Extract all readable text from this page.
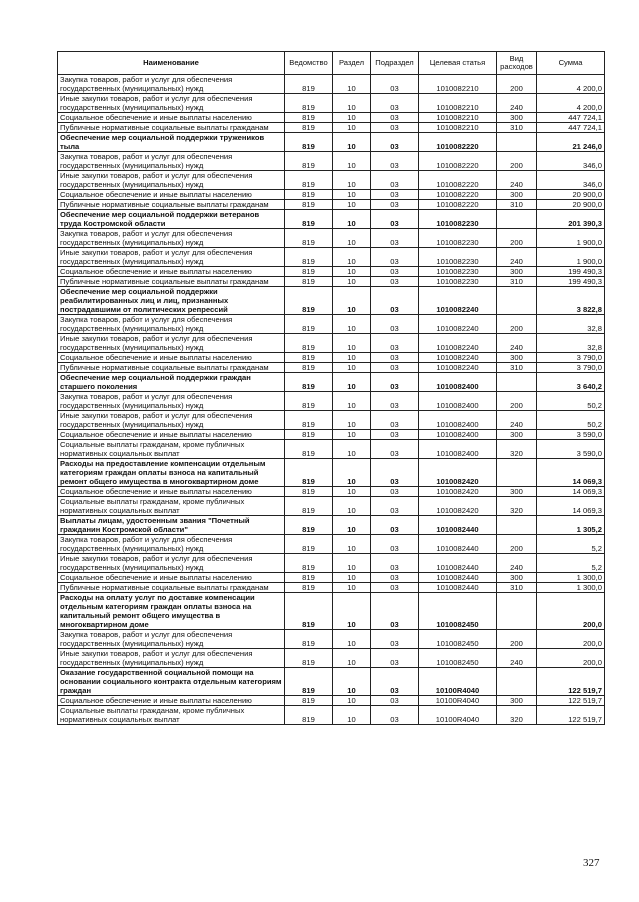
Наименование	Ведомство	Раздел	Подраздел	Целевая статья	Вид расходов	Сумма
Закупка товаров, работ и услуг для обеспечения государственных (муниципальных) нужд	819	10	03	1010082210	200	4 200,0
Иные закупки товаров, работ и услуг для обеспечения государственных (муниципальных) нужд	819	10	03	1010082210	240	4 200,0
Социальное обеспечение и иные выплаты населению	819	10	03	1010082210	300	447 724,1
Публичные нормативные социальные выплаты гражданам	819	10	03	1010082210	310	447 724,1
Обеспечение мер социальной поддержки тружеников тыла	819	10	03	1010082220		21 246,0
Закупка товаров, работ и услуг для обеспечения государственных (муниципальных) нужд	819	10	03	1010082220	200	346,0
Иные закупки товаров, работ и услуг для обеспечения государственных (муниципальных) нужд	819	10	03	1010082220	240	346,0
Социальное обеспечение и иные выплаты населению	819	10	03	1010082220	300	20 900,0
Публичные нормативные социальные выплаты гражданам	819	10	03	1010082220	310	20 900,0
Обеспечение мер социальной поддержки ветеранов труда Костромской области	819	10	03	1010082230		201 390,3
Закупка товаров, работ и услуг для обеспечения государственных (муниципальных) нужд	819	10	03	1010082230	200	1 900,0
Иные закупки товаров, работ и услуг для обеспечения государственных (муниципальных) нужд	819	10	03	1010082230	240	1 900,0
Социальное обеспечение и иные выплаты населению	819	10	03	1010082230	300	199 490,3
Публичные нормативные социальные выплаты гражданам	819	10	03	1010082230	310	199 490,3
Обеспечение мер социальной поддержки реабилитированных лиц и лиц, признанных пострадавшими от политических репрессий	819	10	03	1010082240		3 822,8
Закупка товаров, работ и услуг для обеспечения государственных (муниципальных) нужд	819	10	03	1010082240	200	32,8
Иные закупки товаров, работ и услуг для обеспечения государственных (муниципальных) нужд	819	10	03	1010082240	240	32,8
Социальное обеспечение и иные выплаты населению	819	10	03	1010082240	300	3 790,0
Публичные нормативные социальные выплаты гражданам	819	10	03	1010082240	310	3 790,0
Обеспечение мер социальной поддержки граждан старшего поколения	819	10	03	1010082400		3 640,2
Закупка товаров, работ и услуг для обеспечения государственных (муниципальных) нужд	819	10	03	1010082400	200	50,2
Иные закупки товаров, работ и услуг для обеспечения государственных (муниципальных) нужд	819	10	03	1010082400	240	50,2
Социальное обеспечение и иные выплаты населению	819	10	03	1010082400	300	3 590,0
Социальные выплаты гражданам, кроме публичных нормативных социальных выплат	819	10	03	1010082400	320	3 590,0
Расходы на предоставление компенсации отдельным категориям граждан оплаты взноса на капитальный ремонт общего имущества в многоквартирном доме	819	10	03	1010082420		14 069,3
Социальное обеспечение и иные выплаты населению	819	10	03	1010082420	300	14 069,3
Социальные выплаты гражданам, кроме публичных нормативных социальных выплат	819	10	03	1010082420	320	14 069,3
Выплаты лицам, удостоенным звания "Почетный гражданин Костромской области"	819	10	03	1010082440		1 305,2
Закупка товаров, работ и услуг для обеспечения государственных (муниципальных) нужд	819	10	03	1010082440	200	5,2
Иные закупки товаров, работ и услуг для обеспечения государственных (муниципальных) нужд	819	10	03	1010082440	240	5,2
Социальное обеспечение и иные выплаты населению	819	10	03	1010082440	300	1 300,0
Публичные нормативные социальные выплаты гражданам	819	10	03	1010082440	310	1 300,0
Расходы на оплату услуг по доставке компенсации отдельным категориям граждан оплаты взноса на капитальный ремонт общего имущества в многоквартирном доме	819	10	03	1010082450		200,0
Закупка товаров, работ и услуг для обеспечения государственных (муниципальных) нужд	819	10	03	1010082450	200	200,0
Иные закупки товаров, работ и услуг для обеспечения государственных (муниципальных) нужд	819	10	03	1010082450	240	200,0
Оказание государственной социальной помощи на основании социального контракта отдельным категориям граждан	819	10	03	10100R4040		122 519,7
Социальное обеспечение и иные выплаты населению	819	10	03	10100R4040	300	122 519,7
Социальные выплаты гражданам, кроме публичных нормативных социальных выплат	819	10	03	10100R4040	320	122 519,7
327
